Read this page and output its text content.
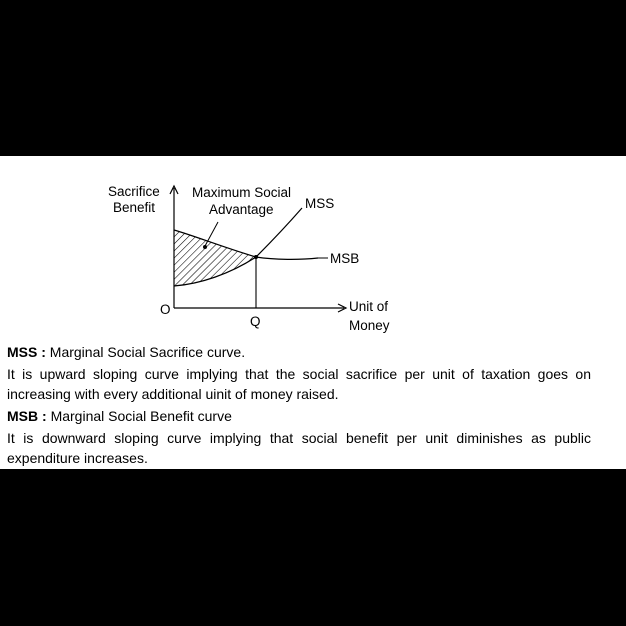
Sacrifice
Benefit
Maximum Social
Advantage MSS
MSB
O
Q
Unit of
Money

MSS : Marginal Social Sacrifice curve.

It is upward sloping curve implying that the social sacrifice per unit of taxation goes on increasing with every additional uinit of money raised.

MSB : Marginal Social Benefit curve

It is downward sloping curve implying that social benefit per unit diminishes as public expenditure increases.
